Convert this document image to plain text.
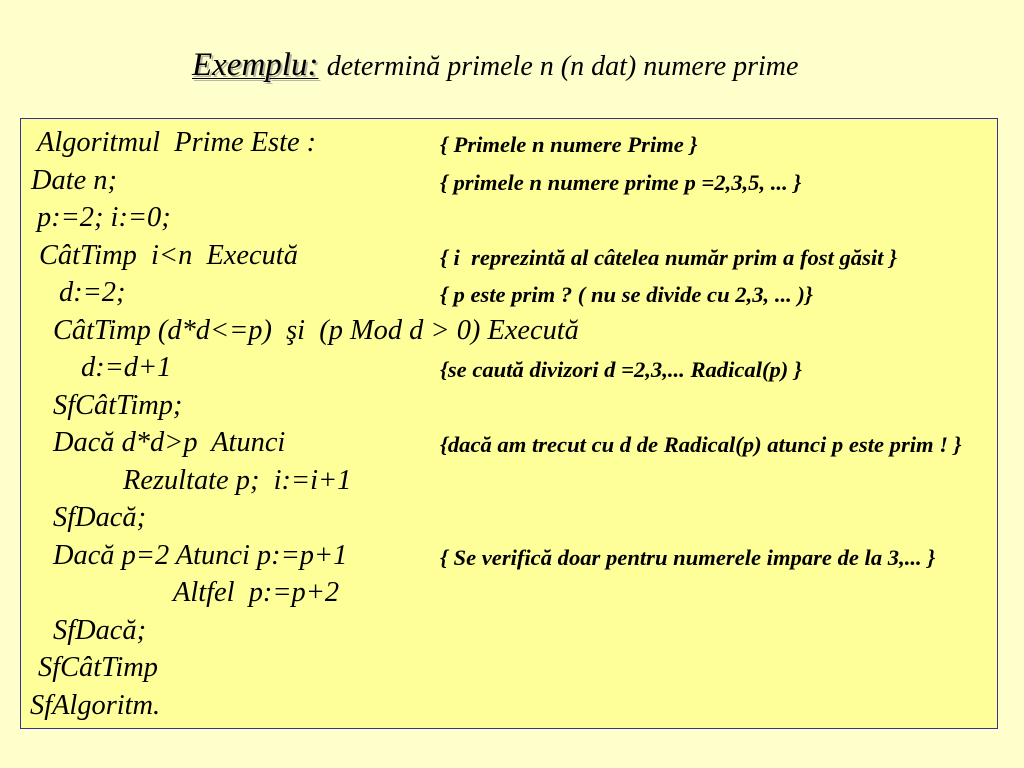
Exemplu: determină primele n (n dat) numere prime
Algoritmul  Prime Este :	{ Primele n numere Prime }
Date n;	{ primele n numere prime p =2,3,5, ... }
p:=2; i:=0;
CâtTimp  i<n  Execută	{ i  reprezintă al câtelea număr prim a fost găsit }
d:=2;	{ p este prim ? ( nu se divide cu 2,3, ... )}
CâtTimp (d*d<=p)  şi  (p Mod d > 0) Execută
d:=d+1	{se caută divizori d =2,3,... Radical(p) }
SfCâtTimp;
Dacă d*d>p  Atunci	{dacă am trecut cu d de Radical(p) atunci p este prim ! }
Rezultate p;  i:=i+1
SfDacă;
Dacă p=2 Atunci p:=p+1	{ Se verifică doar pentru numerele impare de la 3,... }
Altfel  p:=p+2
SfDacă;
SfCâtTimp
SfAlgoritm.
